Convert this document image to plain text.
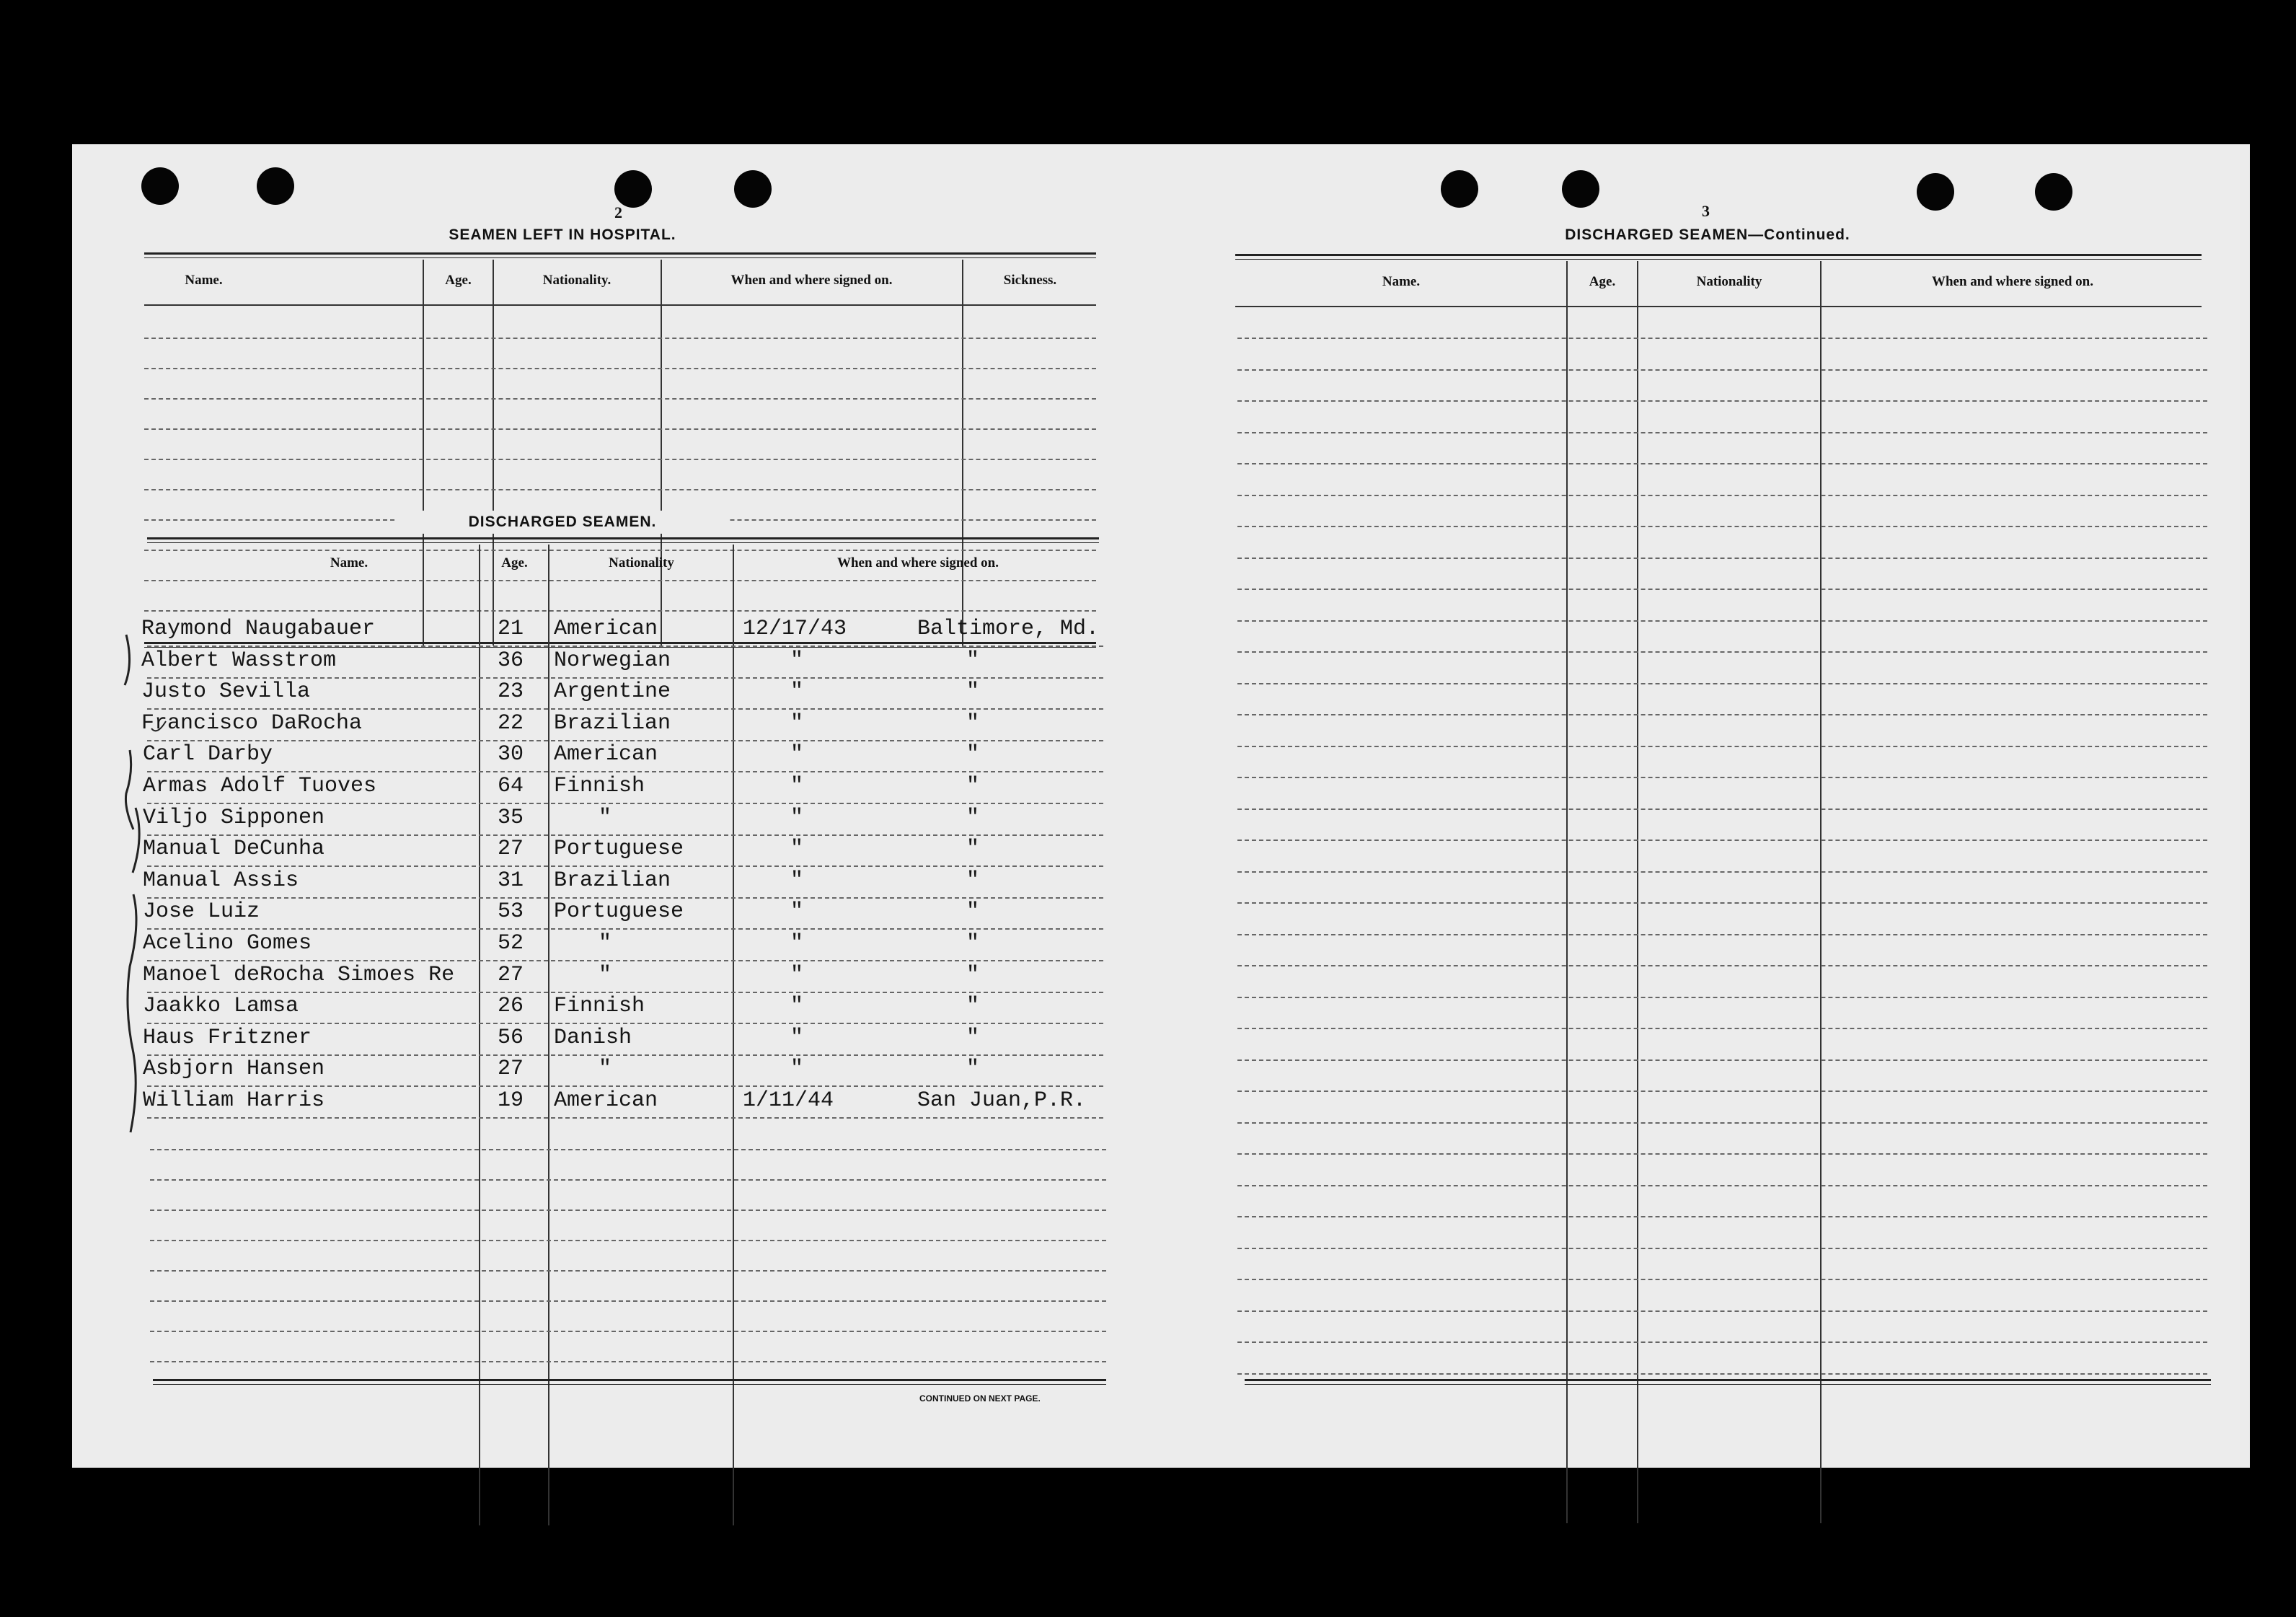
2
SEAMEN LEFT IN HOSPITAL.
Name.	Age.	Nationality.	When and where signed on.	Sickness.
DISCHARGED SEAMEN.
Name.	Age.	Nationality	When and where signed on.
Raymond Naugabauer	21 American	12/17/43	Baltimore, Md.
Albert Wasstrom	36 Norwegian	"	"
Justo Sevilla	23 Argentine	"	"
Francisco DaRocha	22 Brazilian	"	"
Carl Darby	30 American	"	"
Armas Adolf Tuoves	64 Finnish	"	"
Viljo Sipponen	35	"	"	"
Manual DeCunha	27 Portuguese	"	"
Manual Assis	31 Brazilian	"	"
Jose Luiz	53 Portuguese	"	"
Acelino Gomes	52	"	"	"
Manoel deRocha Simoes Re 27	"	"	"
Jaakko Lamsa	26 Finnish	"	"
Haus Fritzner	56 Danish	"	"
Asbjorn Hansen	27	"	"	"
William Harris	19 American	1/11/44	San Juan,P.R.
CONTINUED ON NEXT PAGE.
3
DISCHARGED SEAMEN—Continued.
Name.	Age.	Nationality	When and where signed on.
